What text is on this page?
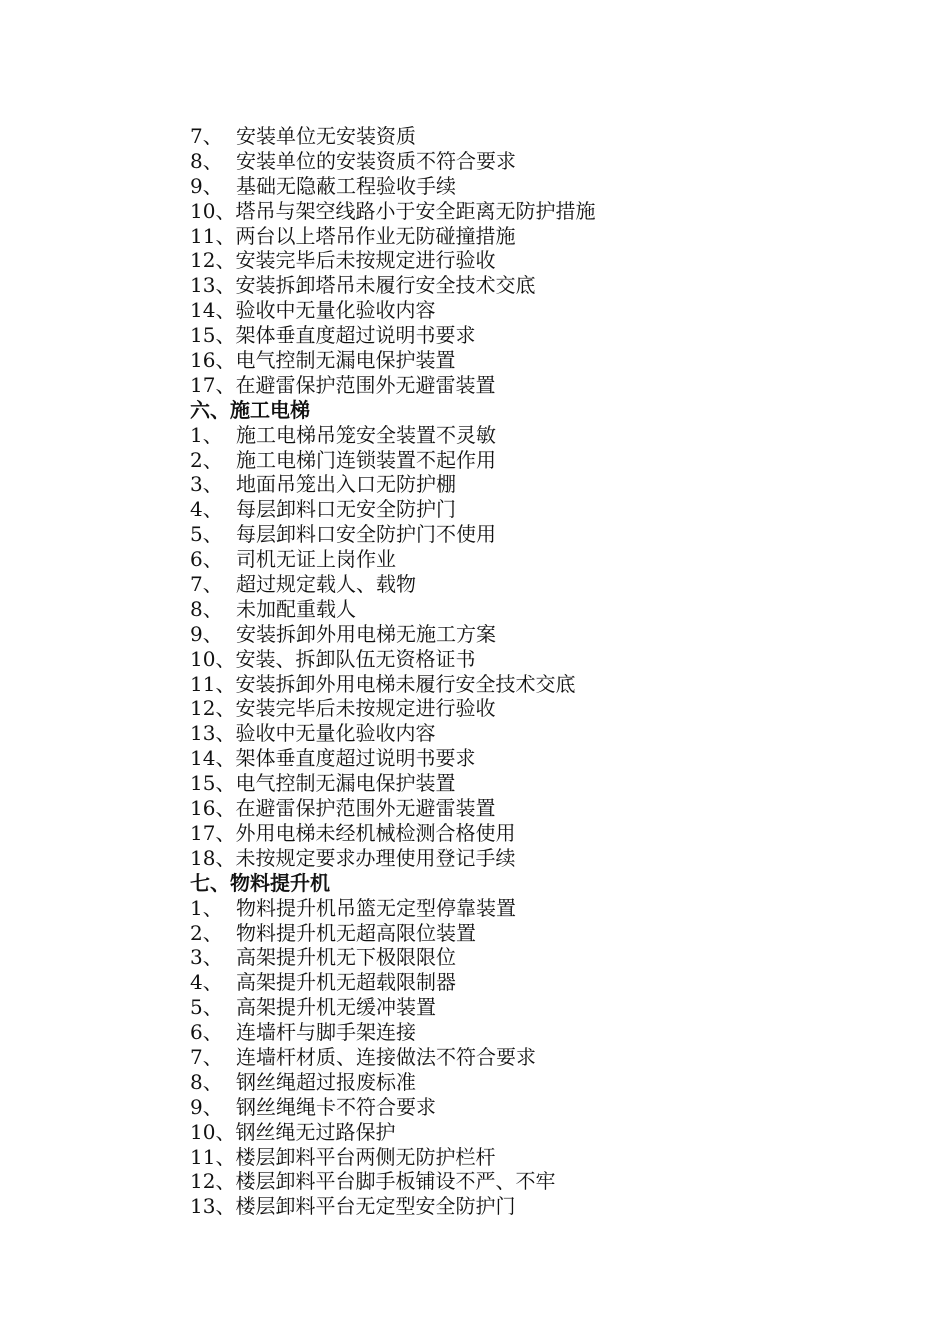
7、 安装单位无安装资质
8、 安装单位的安装资质不符合要求
9、 基础无隐蔽工程验收手续
10、 塔吊与架空线路小于安全距离无防护措施
11、 两台以上塔吊作业无防碰撞措施
12、 安装完毕后未按规定进行验收
13、 安装拆卸塔吊未履行安全技术交底
14、 验收中无量化验收内容
15、 架体垂直度超过说明书要求
16、 电气控制无漏电保护装置
17、 在避雷保护范围外无避雷装置
六、施工电梯
1、 施工电梯吊笼安全装置不灵敏
2、 施工电梯门连锁装置不起作用
3、 地面吊笼出入口无防护棚
4、 每层卸料口无安全防护门
5、 每层卸料口安全防护门不使用
6、 司机无证上岗作业
7、 超过规定载人、载物
8、 未加配重载人
9、 安装拆卸外用电梯无施工方案
10、 安装、拆卸队伍无资格证书
11、 安装拆卸外用电梯未履行安全技术交底
12、 安装完毕后未按规定进行验收
13、 验收中无量化验收内容
14、 架体垂直度超过说明书要求
15、 电气控制无漏电保护装置
16、 在避雷保护范围外无避雷装置
17、 外用电梯未经机械检测合格使用
18、 未按规定要求办理使用登记手续
七、物料提升机
1、 物料提升机吊篮无定型停靠装置
2、 物料提升机无超高限位装置
3、 高架提升机无下极限限位
4、 高架提升机无超载限制器
5、 高架提升机无缓冲装置
6、 连墙杆与脚手架连接
7、 连墙杆材质、连接做法不符合要求
8、 钢丝绳超过报废标准
9、 钢丝绳绳卡不符合要求
10、 钢丝绳无过路保护
11、 楼层卸料平台两侧无防护栏杆
12、 楼层卸料平台脚手板铺设不严、不牢
13、 楼层卸料平台无定型安全防护门
